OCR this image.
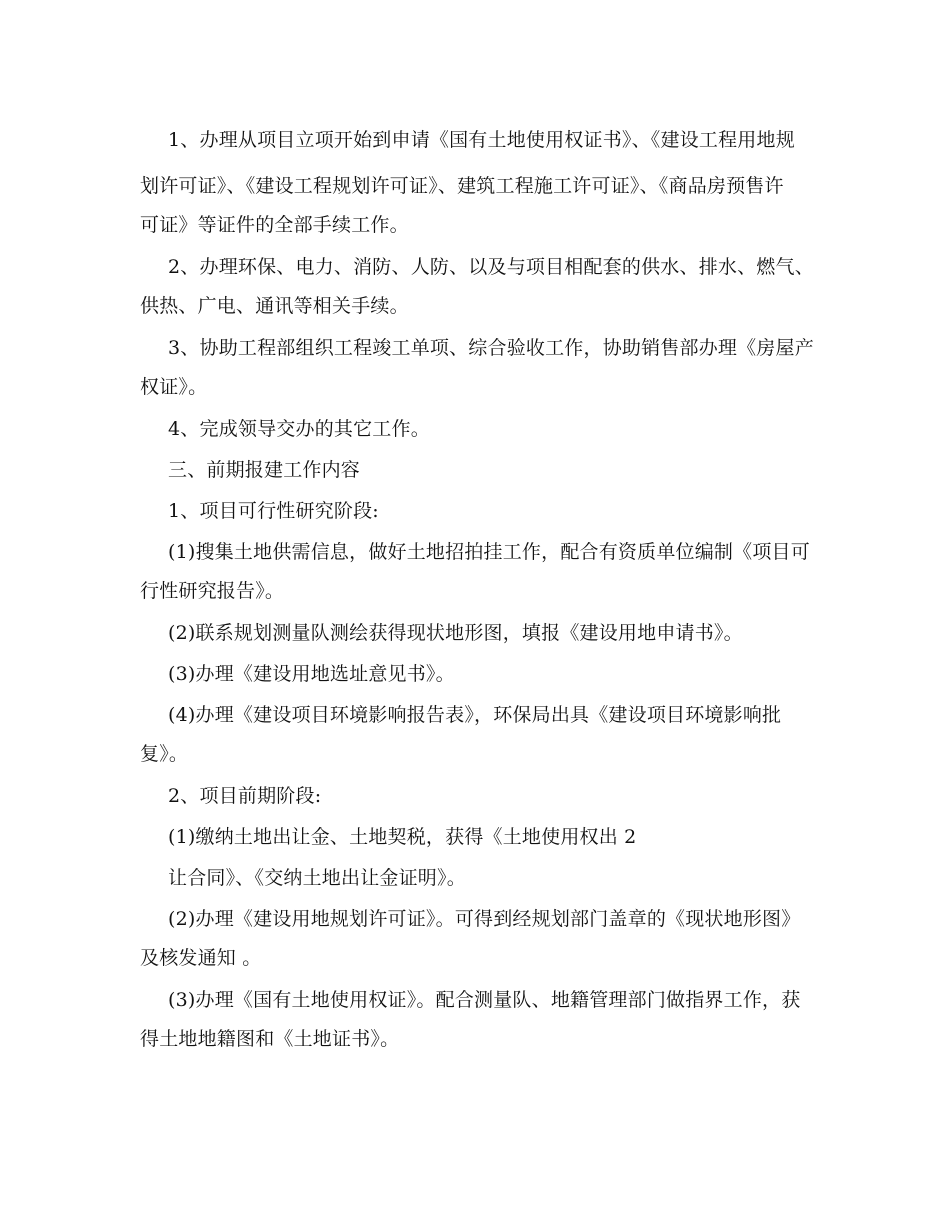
1、办理从项目立项开始到申请《国有土地使用权证书》、《建设工程用地规

划许可证》、《建设工程规划许可证》、建筑工程施工许可证》、《商品房预售许

可证》等证件的全部手续工作。

2、办理环保、电力、消防、人防、以及与项目相配套的供水、排水、燃气、

供热、广电、通讯等相关手续。

3、协助工程部组织工程竣工单项、综合验收工作，协助销售部办理《房屋产

权证》。

4、完成领导交办的其它工作。

三、前期报建工作内容

1、项目可行性研究阶段:

(1)搜集土地供需信息，做好土地招拍挂工作，配合有资质单位编制《项目可

行性研究报告》。

(2)联系规划测量队测绘获得现状地形图，填报《建设用地申请书》。

(3)办理《建设用地选址意见书》。

(4)办理《建设项目环境影响报告表》，环保局出具《建设项目环境影响批

复》。

2、项目前期阶段:

(1)缴纳土地出让金、土地契税，获得《土地使用权出 2

让合同》、《交纳土地出让金证明》。

(2)办理《建设用地规划许可证》。可得到经规划部门盖章的《现状地形图》

及核发通知 。

(3)办理《国有土地使用权证》。配合测量队、地籍管理部门做指界工作，获

得土地地籍图和《土地证书》。
